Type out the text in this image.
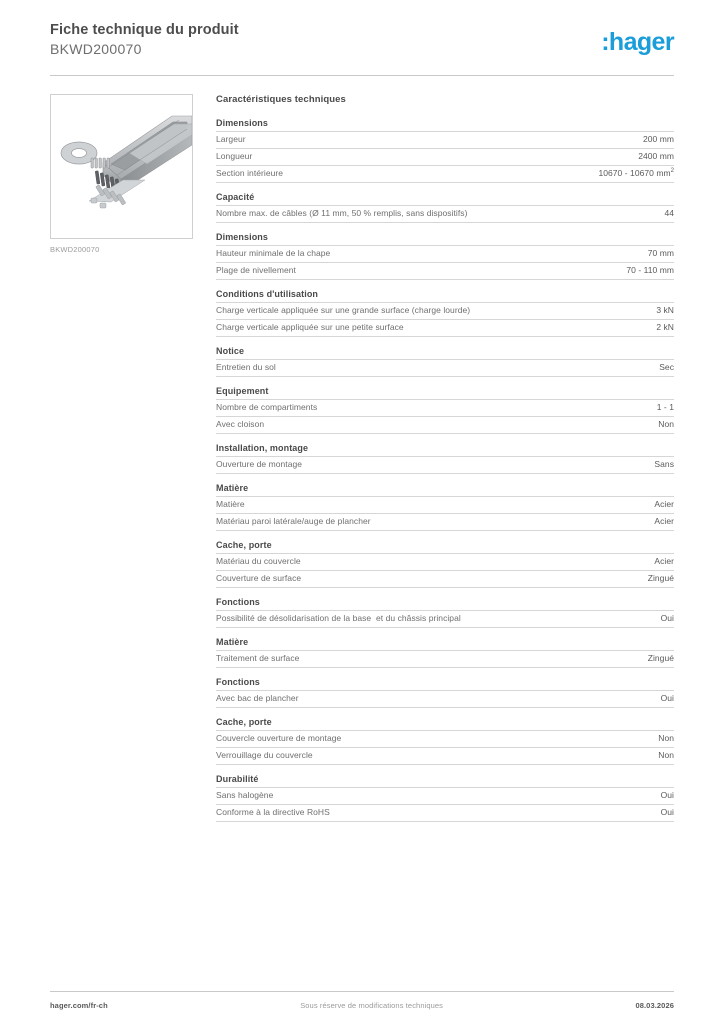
Fiche technique du produit
BKWD200070	:hager
BKWD200070
Caractéristiques techniques
Dimensions
Largeur	200 mm
Longueur	2400 mm
Section intérieure	10670 - 10670 $mm^2$
Capacité
Nombre max. de câbles (Ø 11 mm, 50 % remplis, sans dispositifs)	44
Dimensions
Hauteur minimale de la chape	70 mm
Plage de nivellement	70 - 110 mm
Conditions d'utilisation
Charge verticale appliquée sur une grande surface (charge lourde)	3 kN
Charge verticale appliquée sur une petite surface	2 kN
Notice
Entretien du sol	Sec
Equipement
Nombre de compartiments	1 - 1
Avec cloison	Non
Installation, montage
Ouverture de montage	Sans
Matière
Matière	Acier
Matériau paroi latérale/auge de plancher	Acier
Cache, porte
Matériau du couvercle	Acier
Couverture de surface	Zingué
Fonctions
Possibilité de désolidarisation de la base  et du châssis principal	Oui
Matière
Traitement de surface	Zingué
Fonctions
Avec bac de plancher	Oui
Cache, porte
Couvercle ouverture de montage	Non
Verrouillage du couvercle	Non
Durabilité
Sans halogène	Oui
Conforme à la directive RoHS	Oui
hager.com/fr-ch	Sous réserve de modifications techniques	08.03.2026
